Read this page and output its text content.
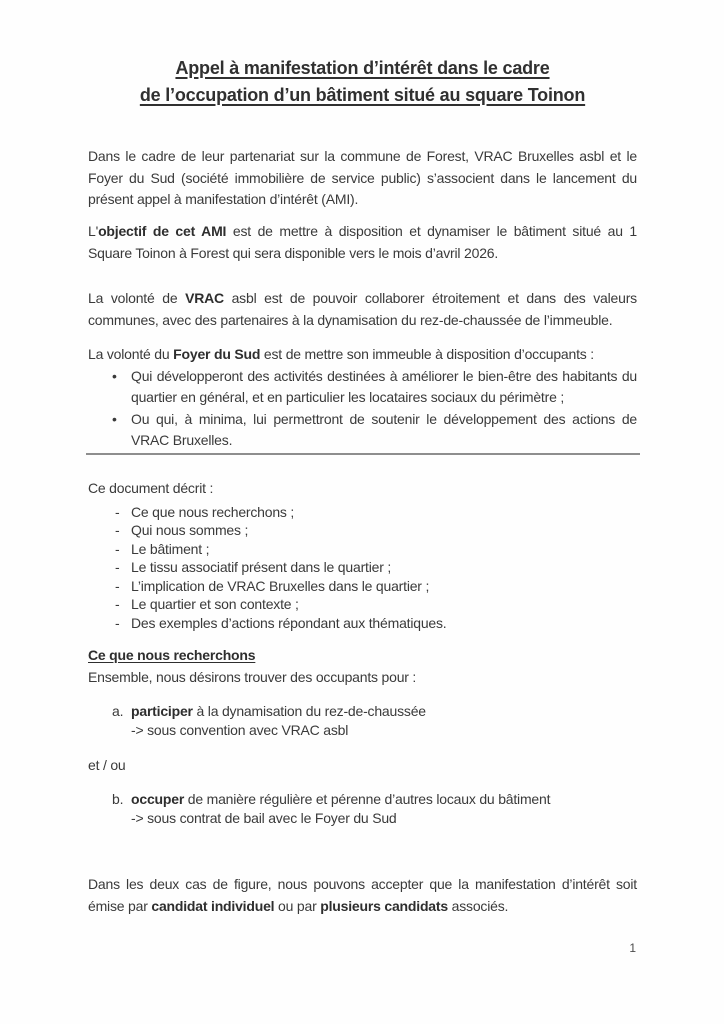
Appel à manifestation d’intérêt dans le cadre
de l’occupation d’un bâtiment situé au square Toinon
Dans le cadre de leur partenariat sur la commune de Forest, VRAC Bruxelles asbl et le Foyer du Sud (société immobilière de service public) s’associent dans le lancement du présent appel à manifestation d’intérêt (AMI).
L'objectif de cet AMI est de mettre à disposition et dynamiser le bâtiment situé au 1 Square Toinon à Forest qui sera disponible vers le mois d’avril 2026.
La volonté de VRAC asbl est de pouvoir collaborer étroitement et dans des valeurs communes, avec des partenaires à la dynamisation du rez-de-chaussée de l’immeuble.
La volonté du Foyer du Sud est de mettre son immeuble à disposition d’occupants :
•	Qui développeront des activités destinées à améliorer le bien-être des habitants du quartier en général, et en particulier les locataires sociaux du périmètre ;
•	Ou qui, à minima, lui permettront de soutenir le développement des actions de VRAC Bruxelles.
Ce document décrit :
- Ce que nous recherchons ;
- Qui nous sommes ;
- Le bâtiment ;
- Le tissu associatif présent dans le quartier ;
- L’implication de VRAC Bruxelles dans le quartier ;
- Le quartier et son contexte ;
- Des exemples d’actions répondant aux thématiques.
Ce que nous recherchons
Ensemble, nous désirons trouver des occupants pour :
a. participer à la dynamisation du rez-de-chaussée
-> sous convention avec VRAC asbl
et / ou
b. occuper de manière régulière et pérenne d’autres locaux du bâtiment
-> sous contrat de bail avec le Foyer du Sud
Dans les deux cas de figure, nous pouvons accepter que la manifestation d’intérêt soit émise par candidat individuel ou par plusieurs candidats associés.
1
